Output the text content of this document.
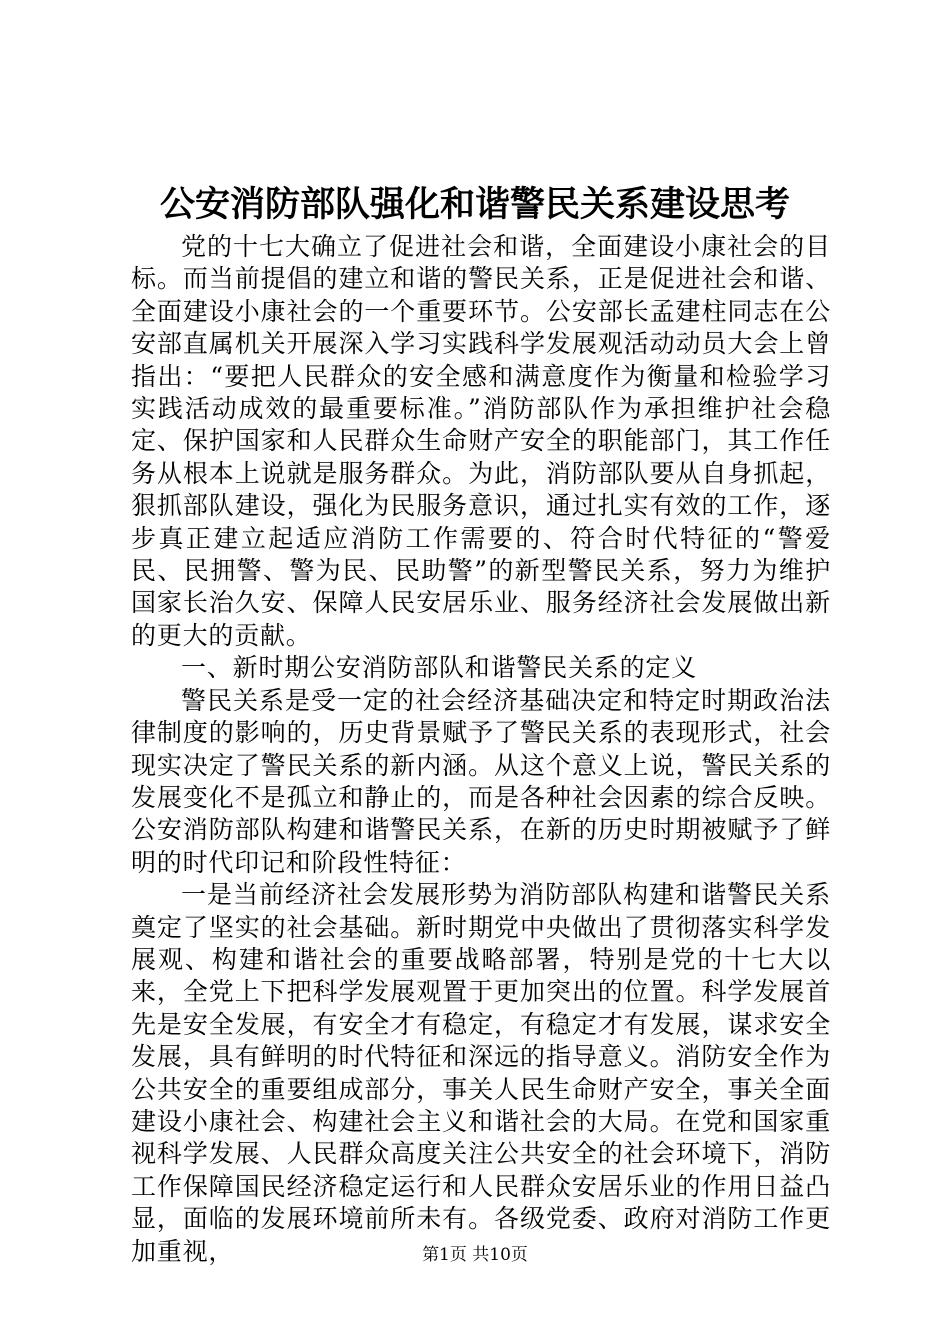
公安消防部队强化和谐警民关系建设思考

党的十七大确立了促进社会和谐，全面建设小康社会的目标。而当前提倡的建立和谐的警民关系，正是促进社会和谐、全面建设小康社会的一个重要环节。公安部长孟建柱同志在公安部直属机关开展深入学习实践科学发展观活动动员大会上曾指出：“要把人民群众的安全感和满意度作为衡量和检验学习实践活动成效的最重要标准。”消防部队作为承担维护社会稳定、保护国家和人民群众生命财产安全的职能部门，其工作任务从根本上说就是服务群众。为此，消防部队要从自身抓起，狠抓部队建设，强化为民服务意识，通过扎实有效的工作，逐步真正建立起适应消防工作需要的、符合时代特征的“警爱民、民拥警、警为民、民助警”的新型警民关系，努力为维护国家长治久安、保障人民安居乐业、服务经济社会发展做出新的更大的贡献。

一、新时期公安消防部队和谐警民关系的定义

警民关系是受一定的社会经济基础决定和特定时期政治法律制度的影响的，历史背景赋予了警民关系的表现形式，社会现实决定了警民关系的新内涵。从这个意义上说，警民关系的发展变化不是孤立和静止的，而是各种社会因素的综合反映。公安消防部队构建和谐警民关系，在新的历史时期被赋予了鲜明的时代印记和阶段性特征：

一是当前经济社会发展形势为消防部队构建和谐警民关系奠定了坚实的社会基础。新时期党中央做出了贯彻落实科学发展观、构建和谐社会的重要战略部署，特别是党的十七大以来，全党上下把科学发展观置于更加突出的位置。科学发展首先是安全发展，有安全才有稳定，有稳定才有发展，谋求安全发展，具有鲜明的时代特征和深远的指导意义。消防安全作为公共安全的重要组成部分，事关人民生命财产安全，事关全面建设小康社会、构建社会主义和谐社会的大局。在党和国家重视科学发展、人民群众高度关注公共安全的社会环境下，消防工作保障国民经济稳定运行和人民群众安居乐业的作用日益凸显，面临的发展环境前所未有。各级党委、政府对消防工作更加重视，	第1页 共10页
